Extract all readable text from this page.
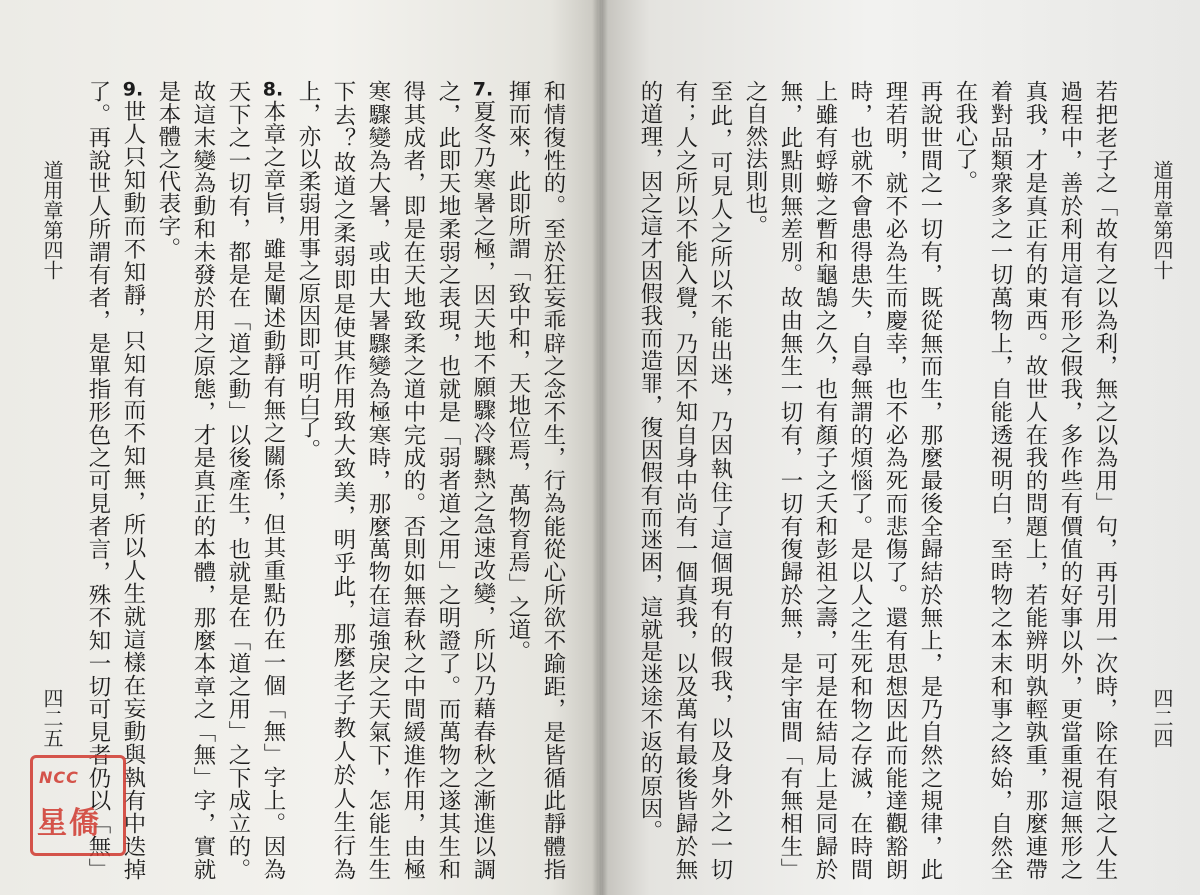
道用章第四十
四二五	和情復性的。至於狂妄乖辟之念不生，行為能從心所欲不踰距，是皆循此靜體指揮而來，此即所謂「致中和，天地位焉，萬物育焉」之道。

7.夏冬乃寒暑之極，因天地不願驟冷驟熱之急速改變，所以乃藉春秋之漸進以調之，此即天地柔弱之表現，也就是「弱者道之用」之明證了。而萬物之遂其生和得其成者，即是在天地致柔之道中完成的。否則如無春秋之中間緩進作用，由極寒驟變為大暑，或由大暑驟變為極寒時，那麼萬物在這強戾之天氣下，怎能生生下去？故道之柔弱即是使其作用致大致美，明乎此，那麼老子教人於人生行為上，亦以柔弱用事之原因即可明白了。

8.本章之章旨，雖是闡述動靜有無之關係，但其重點仍在一個「無」字上。因為天下之一切有，都是在「道之動」以後產生，也就是在「道之用」之下成立的。故這末變為動和未發於用之原態，才是真正的本體，那麼本章之「無」字，實就是本體之代表字。

9.世人只知動而不知靜，只知有而不知無，所以人生就這樣在妄動與執有中迭掉了。再說世人所謂有者，是單指形色之可見者言，殊不知一切可見者仍以「無」

NCC
星僑
道用章第四十
四二四

若把老子之「故有之以為利，無之以為用」句，再引用一次時，除在有限之人生過程中，善於利用這有形之假我，多作些有價值的好事以外，更當重視這無形之真我，才是真正有的東西。故世人在我的問題上，若能辨明孰輕孰重，那麼連帶着對品類衆多之一切萬物上，自能透視明白，至時物之本末和事之終始，自然全在我心了。

再說世間之一切有，既從無而生，那麼最後全歸結於無上，是乃自然之規律，此理若明，就不必為生而慶幸，也不必為死而悲傷了。還有思想因此而能達觀豁朗時，也就不會患得患失，自尋無謂的煩惱了。是以人之生死和物之存滅，在時間上雖有蜉蝣之暫和龜鵠之久，也有顏子之夭和彭祖之壽，可是在結局上是同歸於無，此點則無差別。故由無生一切有，一切有復歸於無，是宇宙間「有無相生」之自然法則也。

至此，可見人之所以不能出迷，乃因執住了這個現有的假我，以及身外之一切有；人之所以不能入覺，乃因不知自身中尚有一個真我，以及萬有最後皆歸於無的道理，因之這才因假我而造罪，復因假有而迷困，這就是迷途不返的原因。
